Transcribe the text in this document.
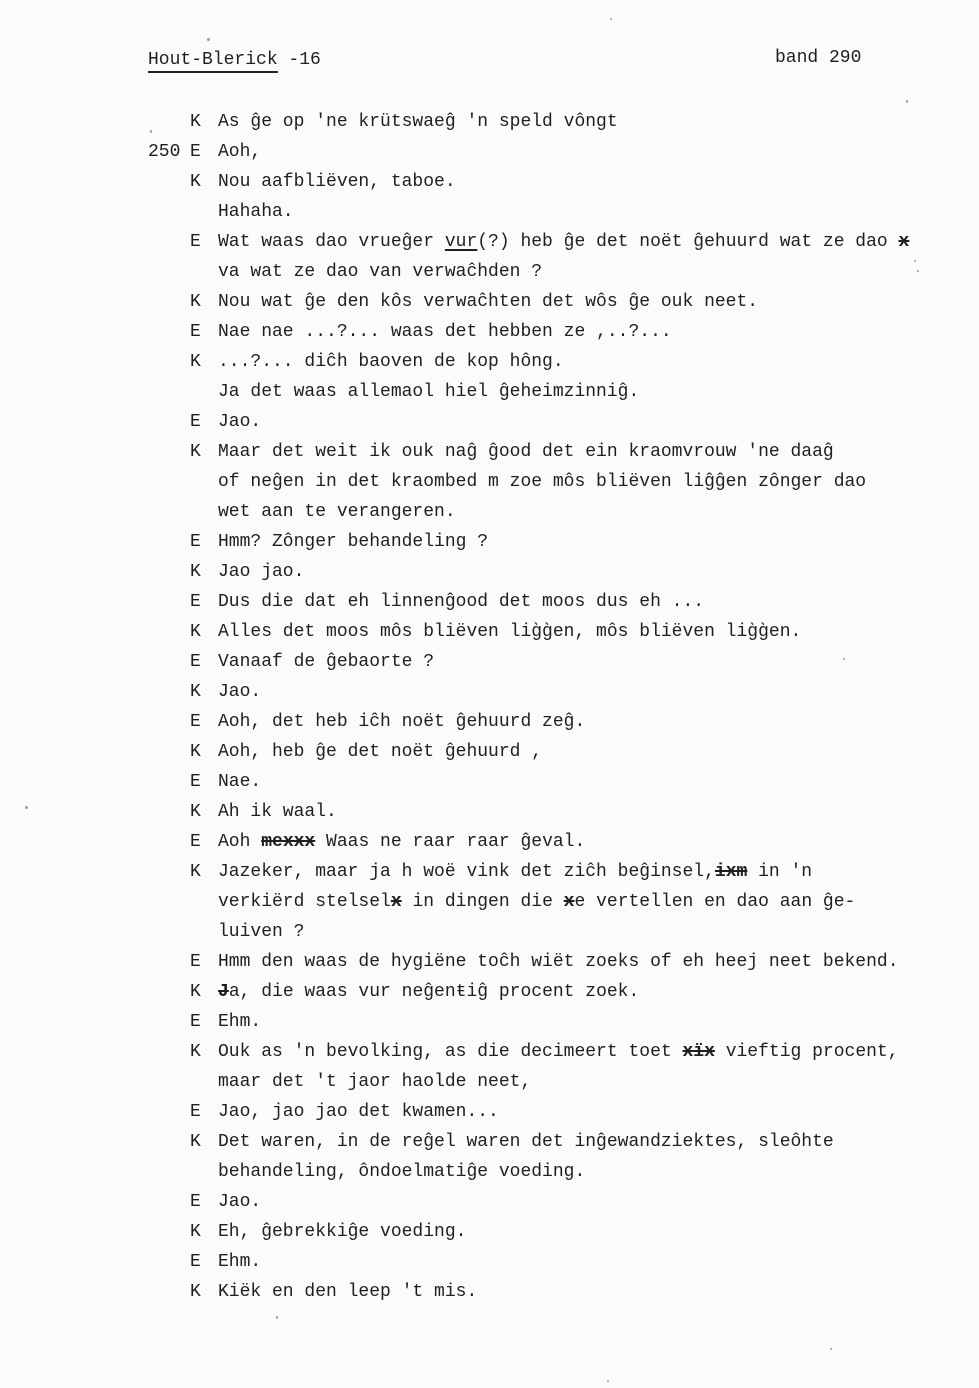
Hout-Blerick -16	band 290
K As ĝe op 'ne krütswaeĝ 'n speld vôngt
250 E Aoh,
K Nou aafbliëven, taboe.
Hahaha.
E Wat waas dao vrueĝer vur(?) heb ĝe det noët ĝehuurd wat ze dao x
va wat ze dao van verwaĉhden ?
K Nou wat ĝe den kôs verwaĉhten det wôs ĝe ouk neet.
E Nae nae ...?... waas det hebben ze ,..?...
K ...?... diĉh baoven de kop hông.
Ja det waas allemaol hiel ĝeheimzinniĝ.
E Jao.
K Maar det weit ik ouk naĝ ĝood det ein kraomvrouw 'ne daaĝ
of neĝen in det kraombed m zoe môs bliëven liĝĝen zônger dao
wet aan te verangeren.
E Hmm? Zônger behandeling ?
K Jao jao.
E Dus die dat eh linnenĝood det moos dus eh ...
K Alles det moos môs bliëven lig̀g̀en, môs bliëven lig̀g̀en.
E Vanaaf de ĝebaorte ?
K Jao.
E Aoh, det heb iĉh noët ĝehuurd zeĝ.
K Aoh, heb ĝe det noët ĝehuurd ,
E Nae.
K Ah ik waal.
E Aoh mexxx Waas ne raar raar ĝeval.
K Jazeker, maar ja h woë vink det ziĉh beĝinsel,ixm in 'n
verkiërd stelselx in dingen die xe vertellen en dao aan ĝe-
luiven ?
E Hmm den waas de hygiëne toĉh wiët zoeks of eh heej neet bekend.
K Ja, die waas vur neĝenŧiĝ procent zoek.
E Ehm.
K Ouk as 'n bevolking, as die decimeert toet xïx vieftig procent,
maar det 't jaor haolde neet,
E Jao, jao jao det kwamen...
K Det waren, in de reĝel waren det inĝewandziektes, sleôhte
behandeling, ôndoelmatiĝe voeding.
E Jao.
K Eh, ĝebrekkiĝe voeding.
E Ehm.
K Kiëk en den leep 't mis.
